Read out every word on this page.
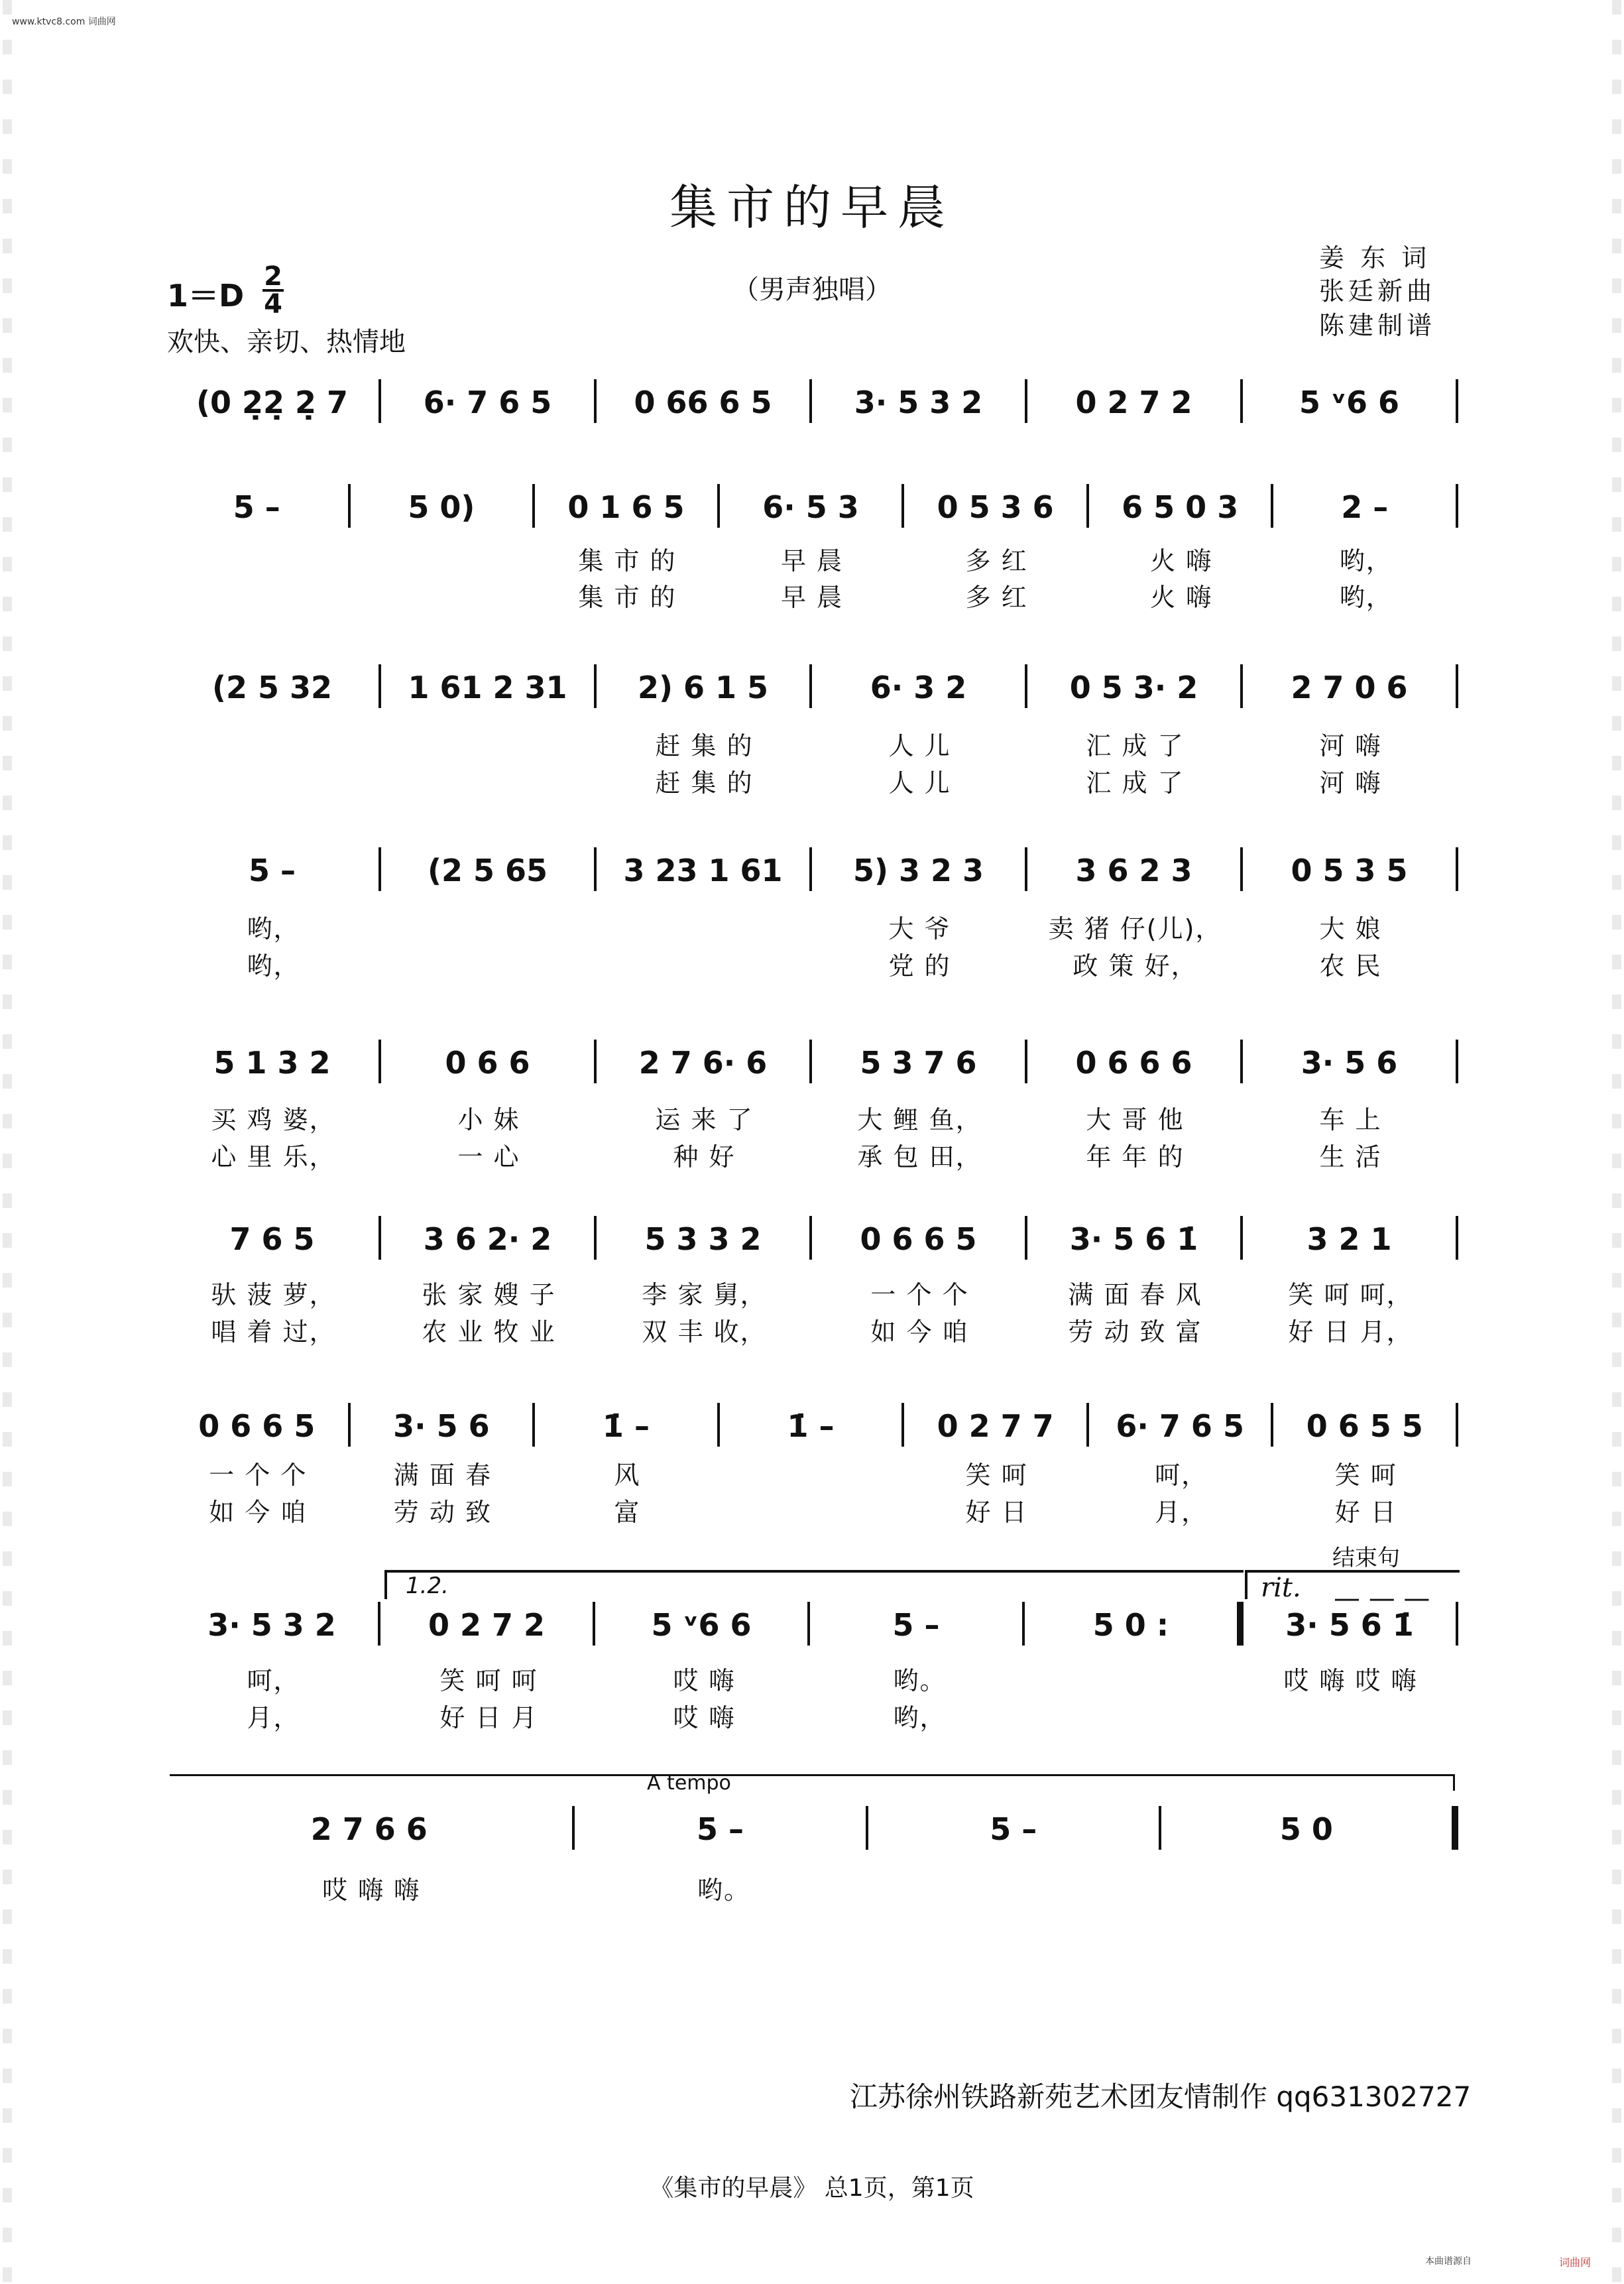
www.ktvc8.com 词曲网
集市的早晨
（男声独唱）
姜 东 词
张廷新曲
陈建制谱
1＝D
2
4
欢快、亲切、热情地
(0 2̣2̣ 2̣ 7	6· 7 6 5	0 66 6 5	3· 5 3 2	0 2 7 2	5 ᵛ6 6
5 –	5 0)	0 1 6 5	6· 5 3	0 5 3 6	6 5 0 3	2 –
集 市 的	早 晨	多 红	火 嗨	哟，
集 市 的	早 晨	多 红	火 嗨	哟，
(2 5 32	1 61 2 31	2) 6 1 5	6· 3 2	0 5 3· 2	2 7 0 6
赶 集 的	人 儿	汇 成 了	河 嗨
赶 集 的	人 儿	汇 成 了	河 嗨
5 –	(2 5 65	3 23 1 61	5) 3 2 3	3 6 2 3	0 5 3 5
哟，	大 爷	卖 猪 仔(儿)，	大 娘
哟，	党 的	政 策 好，	农 民
5 1 3 2	0 6 6	2 7 6· 6	5 3 7 6	0 6 6 6	3· 5 6
买 鸡 婆，	小 妹	运 来 了	大 鲤 鱼，	大 哥 他	车 上
心 里 乐，	一 心	种 好	承 包 田，	年 年 的	生 活
7 6 5	3 6 2· 2	5 3 3 2	0 6 6 5	3· 5 6 1̇	3 2 1
驮 菠 萝，	张 家 嫂 子	李 家 舅，	一 个 个	满 面 春 风	笑 呵 呵，
唱 着 过，	农 业 牧 业	双 丰 收，	如 今 咱	劳 动 致 富	好 日 月，
0 6 6 5	3· 5 6	1̇ –	1̇ –	0 2 7 7	6· 7 6 5	0 6 5 5
一 个 个	满 面 春	风	笑 呵	呵，	笑 呵
如 今 咱	劳 动 致	富	好 日	月，	好 日
1.2.	rit. — — —
结束句
3· 5 3 2	0 2 7 2	5 ᵛ6 6	5 –	5 0 :	3· 5 6 1̇
呵，	笑 呵 呵	哎 嗨	哟。	哎 嗨 哎 嗨
月，	好 日 月	哎 嗨	哟，
A tempo
2 7 6 6	5 –	5 –	5 0
哎 嗨 嗨	哟。
江苏徐州铁路新苑艺术团友情制作 qq631302727
《集市的早晨》 总1页，第1页
本曲谱源自	词曲网
